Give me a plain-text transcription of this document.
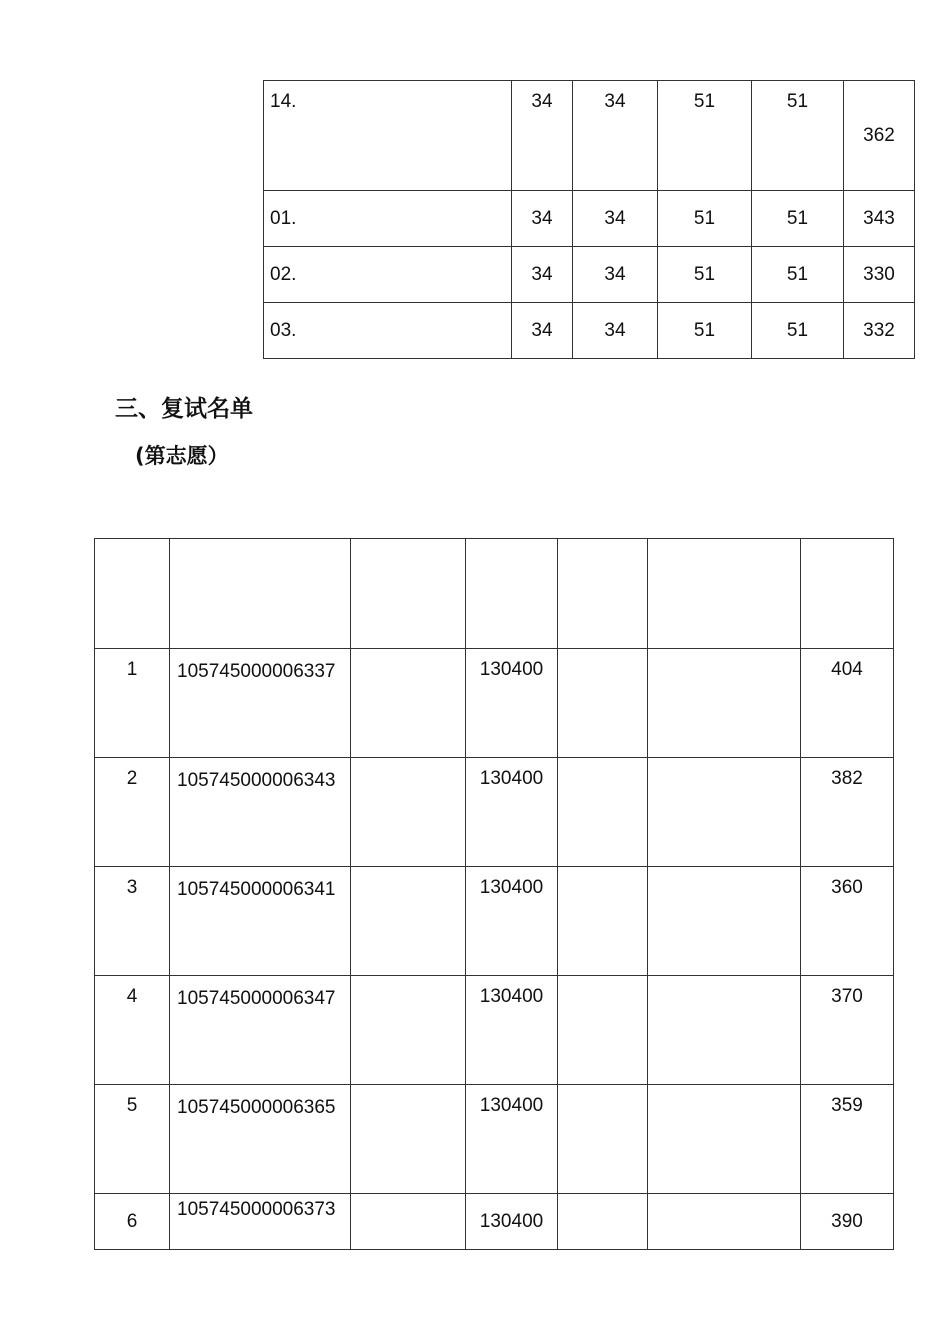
14.	34	34	51	51	362
01.	34	34	51	51	343
02.	34	34	51	51	330
03.	34	34	51	51	332
三、复试名单
(第志愿）

1	105745000006337		130400			404
2	105745000006343		130400			382
3	105745000006341		130400			360
4	105745000006347		130400			370
5	105745000006365		130400			359
6	105745000006373		130400			390
